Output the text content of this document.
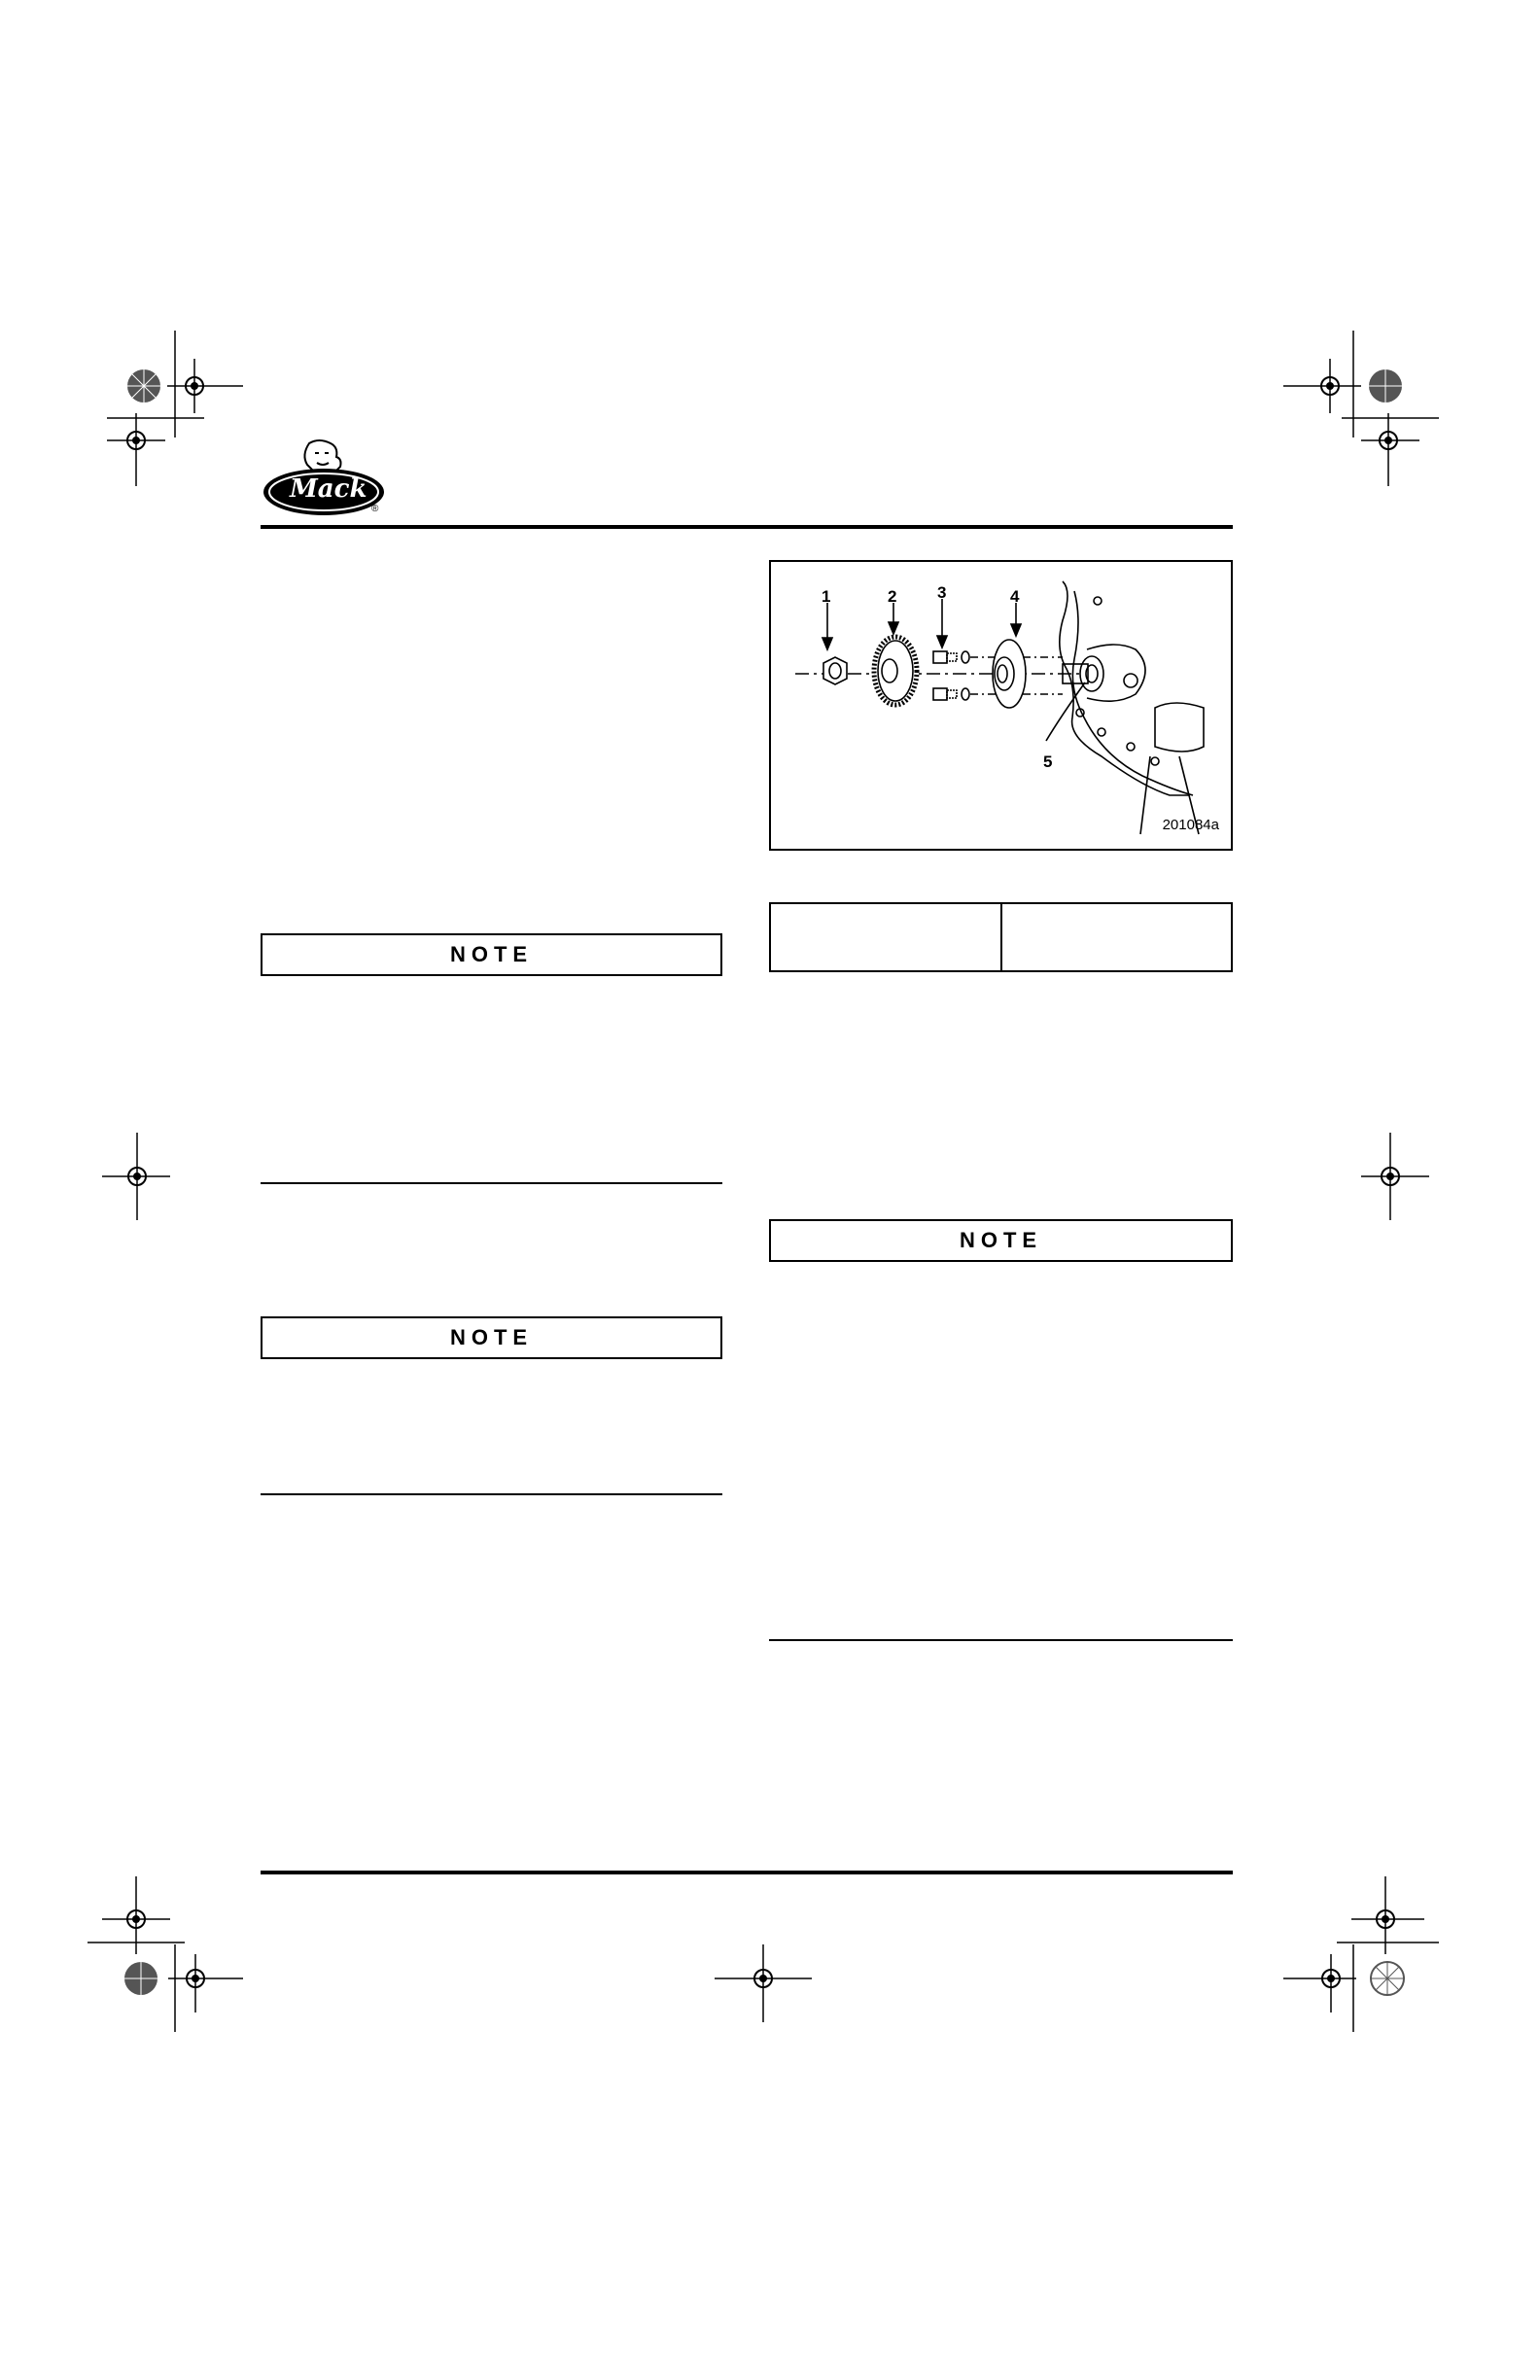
Mack
®
NOTE
NOTE
1	2 3	4
5
201084a
NOTE
